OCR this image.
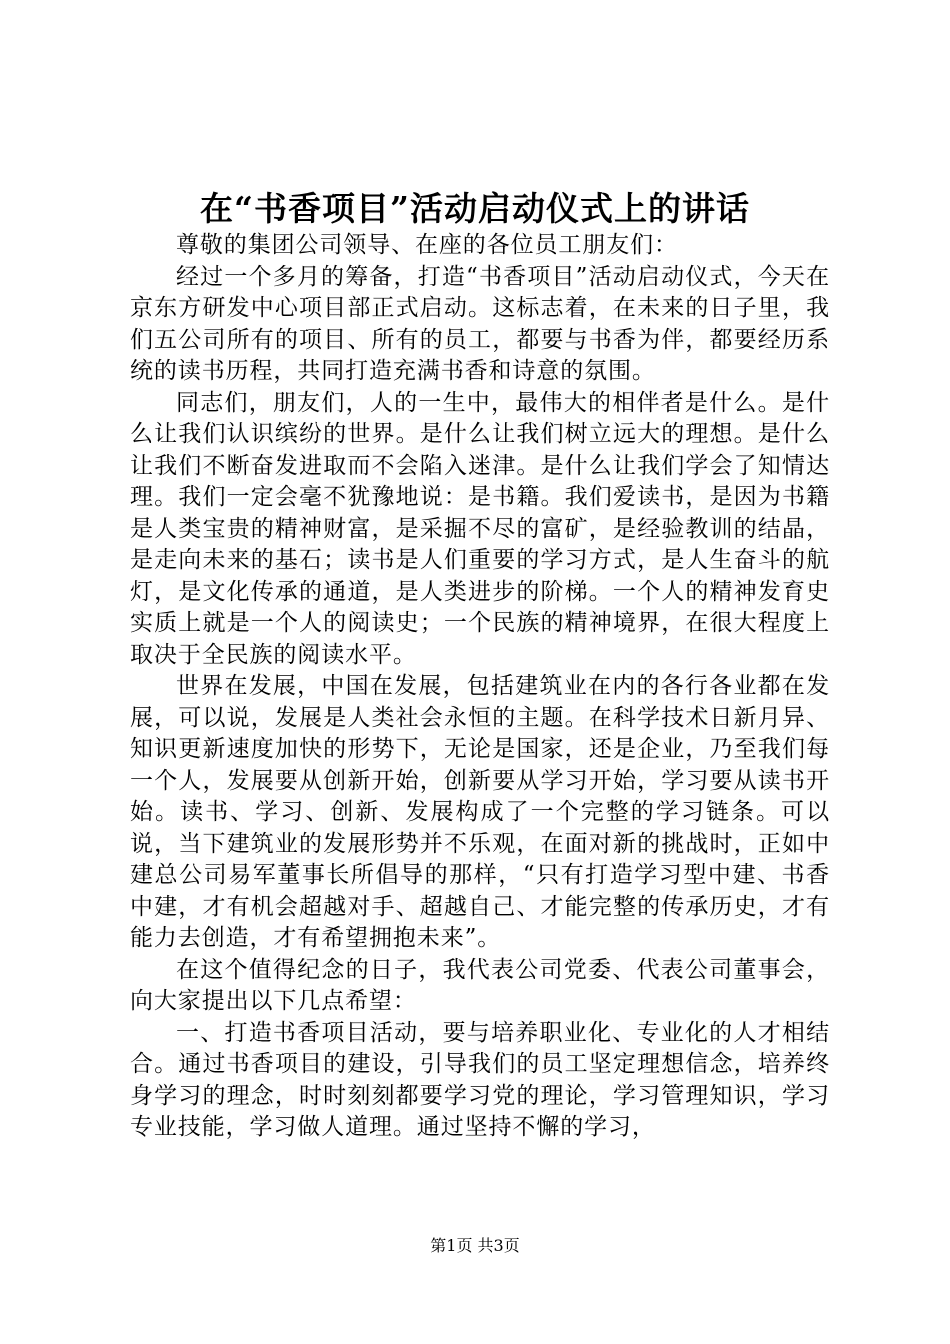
在“书香项目”活动启动仪式上的讲话

尊敬的集团公司领导、在座的各位员工朋友们：

经过一个多月的筹备，打造“书香项目”活动启动仪式，今天在京东方研发中心项目部正式启动。这标志着，在未来的日子里，我们五公司所有的项目、所有的员工，都要与书香为伴，都要经历系统的读书历程，共同打造充满书香和诗意的氛围。

同志们，朋友们，人的一生中，最伟大的相伴者是什么。是什么让我们认识缤纷的世界。是什么让我们树立远大的理想。是什么让我们不断奋发进取而不会陷入迷津。是什么让我们学会了知情达理。我们一定会毫不犹豫地说：是书籍。我们爱读书，是因为书籍是人类宝贵的精神财富，是采掘不尽的富矿，是经验教训的结晶，是走向未来的基石；读书是人们重要的学习方式，是人生奋斗的航灯，是文化传承的通道，是人类进步的阶梯。一个人的精神发育史实质上就是一个人的阅读史；一个民族的精神境界，在很大程度上取决于全民族的阅读水平。

世界在发展，中国在发展，包括建筑业在内的各行各业都在发展，可以说，发展是人类社会永恒的主题。在科学技术日新月异、知识更新速度加快的形势下，无论是国家，还是企业，乃至我们每一个人，发展要从创新开始，创新要从学习开始，学习要从读书开始。读书、学习、创新、发展构成了一个完整的学习链条。可以说，当下建筑业的发展形势并不乐观，在面对新的挑战时，正如中建总公司易军董事长所倡导的那样，“只有打造学习型中建、书香中建，才有机会超越对手、超越自己、才能完整的传承历史，才有能力去创造，才有希望拥抱未来”。

在这个值得纪念的日子，我代表公司党委、代表公司董事会，向大家提出以下几点希望：

一、打造书香项目活动，要与培养职业化、专业化的人才相结合。通过书香项目的建设，引导我们的员工坚定理想信念，培养终身学习的理念，时时刻刻都要学习党的理论，学习管理知识，学习专业技能，学习做人道理。通过坚持不懈的学习，

第1页 共3页
